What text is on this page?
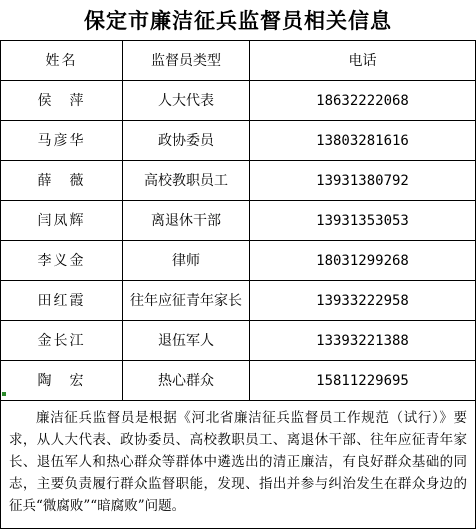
保定市廉洁征兵监督员相关信息
姓名	监督员类型	电话
侯　萍	人大代表	18632222068
马彦华	政协委员	13803281616
薛　薇	高校教职员工	13931380792
闫凤辉	离退休干部	13931353053
李义金	律师	18031299268
田红霞	往年应征青年家长	13933222958
金长江	退伍军人	13393221388
陶　宏	热心群众	15811229695
廉洁征兵监督员是根据《河北省廉洁征兵监督员工作规范（试行）》要求，从人大代表、政协委员、高校教职员工、离退休干部、往年应征青年家长、退伍军人和热心群众等群体中遴选出的清正廉洁，有良好群众基础的同志，主要负责履行群众监督职能，发现、指出并参与纠治发生在群众身边的征兵“微腐败”“暗腐败”问题。
